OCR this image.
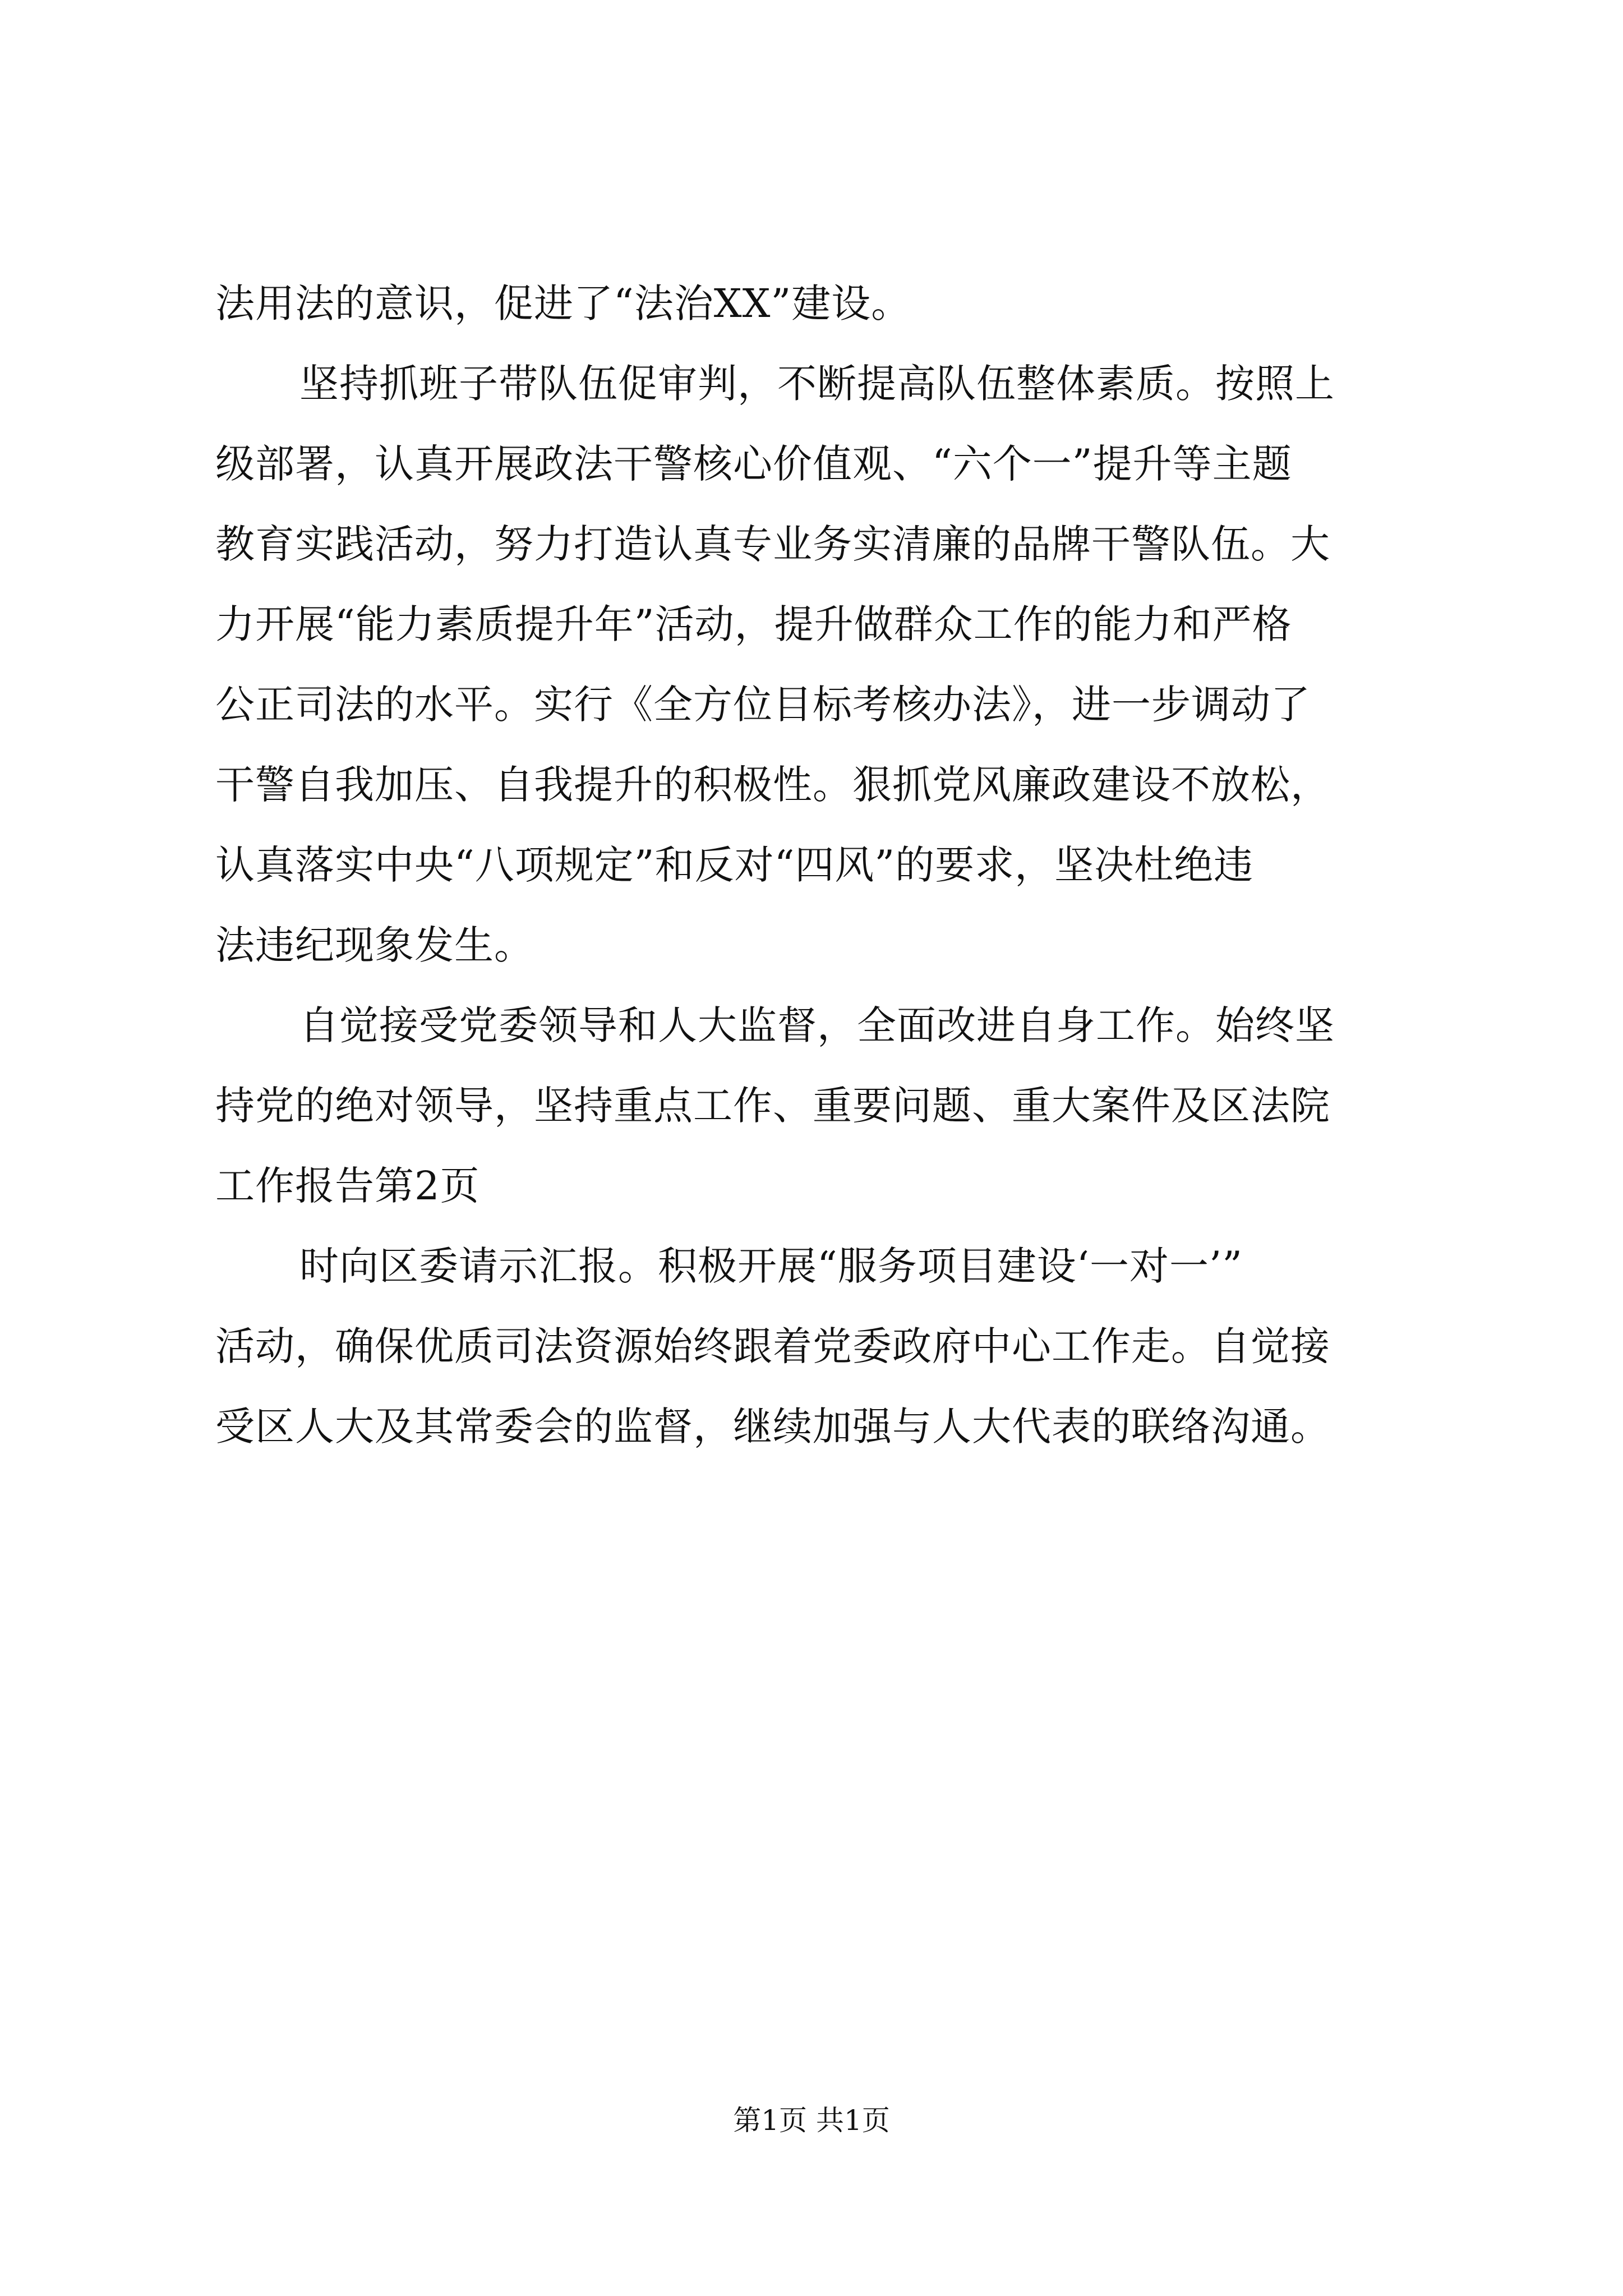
法用法的意识，促进了“法治XX”建设。
坚持抓班子带队伍促审判，不断提高队伍整体素质。按照上
级部署，认真开展政法干警核心价值观、“六个一”提升等主题
教育实践活动，努力打造认真专业务实清廉的品牌干警队伍。大
力开展“能力素质提升年”活动，提升做群众工作的能力和严格
公正司法的水平。实行《全方位目标考核办法》，进一步调动了
干警自我加压、自我提升的积极性。狠抓党风廉政建设不放松，
认真落实中央“八项规定”和反对“四风”的要求，坚决杜绝违
法违纪现象发生。
自觉接受党委领导和人大监督，全面改进自身工作。始终坚
持党的绝对领导，坚持重点工作、重要问题、重大案件及区法院
工作报告第2页
时向区委请示汇报。积极开展“服务项目建设‘一对一’”
活动，确保优质司法资源始终跟着党委政府中心工作走。自觉接
受区人大及其常委会的监督，继续加强与人大代表的联络沟通。
第1页 共1页
